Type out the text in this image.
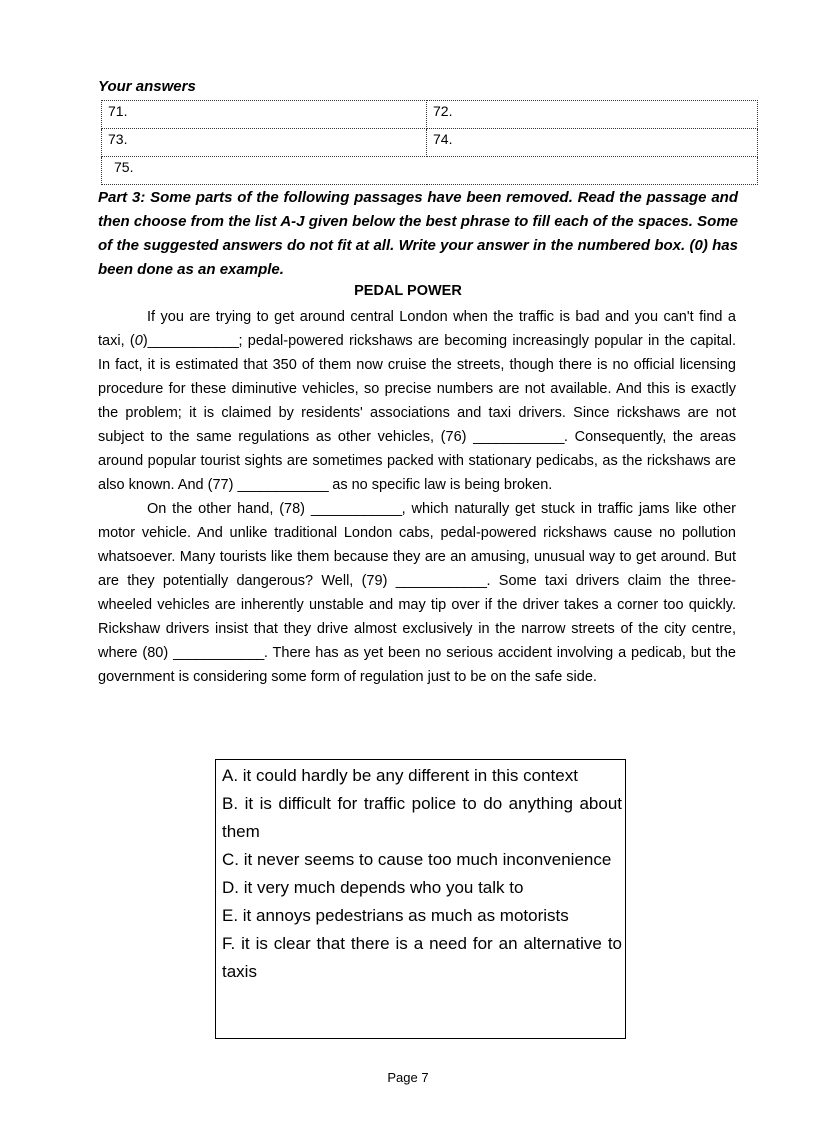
Your answers
71.	72.
73.	74.
75.	
Part 3: Some parts of the following passages have been removed. Read the passage and then choose from the list A-J given below the best phrase to fill each of the spaces. Some of the suggested answers do not fit at all. Write your answer in the numbered box. (0) has been done as an example.
PEDAL POWER

If you are trying to get around central London when the traffic is bad and you can't find a taxi, (0)____________; pedal-powered rickshaws are becoming increasingly popular in the capital. In fact, it is estimated that 350 of them now cruise the streets, though there is no official licensing procedure for these diminutive vehicles, so precise numbers are not available. And this is exactly the problem; it is claimed by residents' associations and taxi drivers. Since rickshaws are not subject to the same regulations as other vehicles, (76) ____________. Consequently, the areas around popular tourist sights are sometimes packed with stationary pedicabs, as the rickshaws are also known. And (77) ____________ as no specific law is being broken.

On the other hand, (78) ____________, which naturally get stuck in traffic jams like other motor vehicle. And unlike traditional London cabs, pedal-powered rickshaws cause no pollution whatsoever. Many tourists like them because they are an amusing, unusual way to get around. But are they potentially dangerous? Well, (79) ____________. Some taxi drivers claim the three-wheeled vehicles are inherently unstable and may tip over if the driver takes a corner too quickly. Rickshaw drivers insist that they drive almost exclusively in the narrow streets of the city centre, where (80) ____________. There has as yet been no serious accident involving a pedicab, but the government is considering some form of regulation just to be on the safe side.

A. it could hardly be any different in this context
B. it is difficult for traffic police to do anything about them
C. it never seems to cause too much inconvenience
D. it very much depends who you talk to
E. it annoys pedestrians as much as motorists
F. it is clear that there is a need for an alternative to taxis
Page 7
